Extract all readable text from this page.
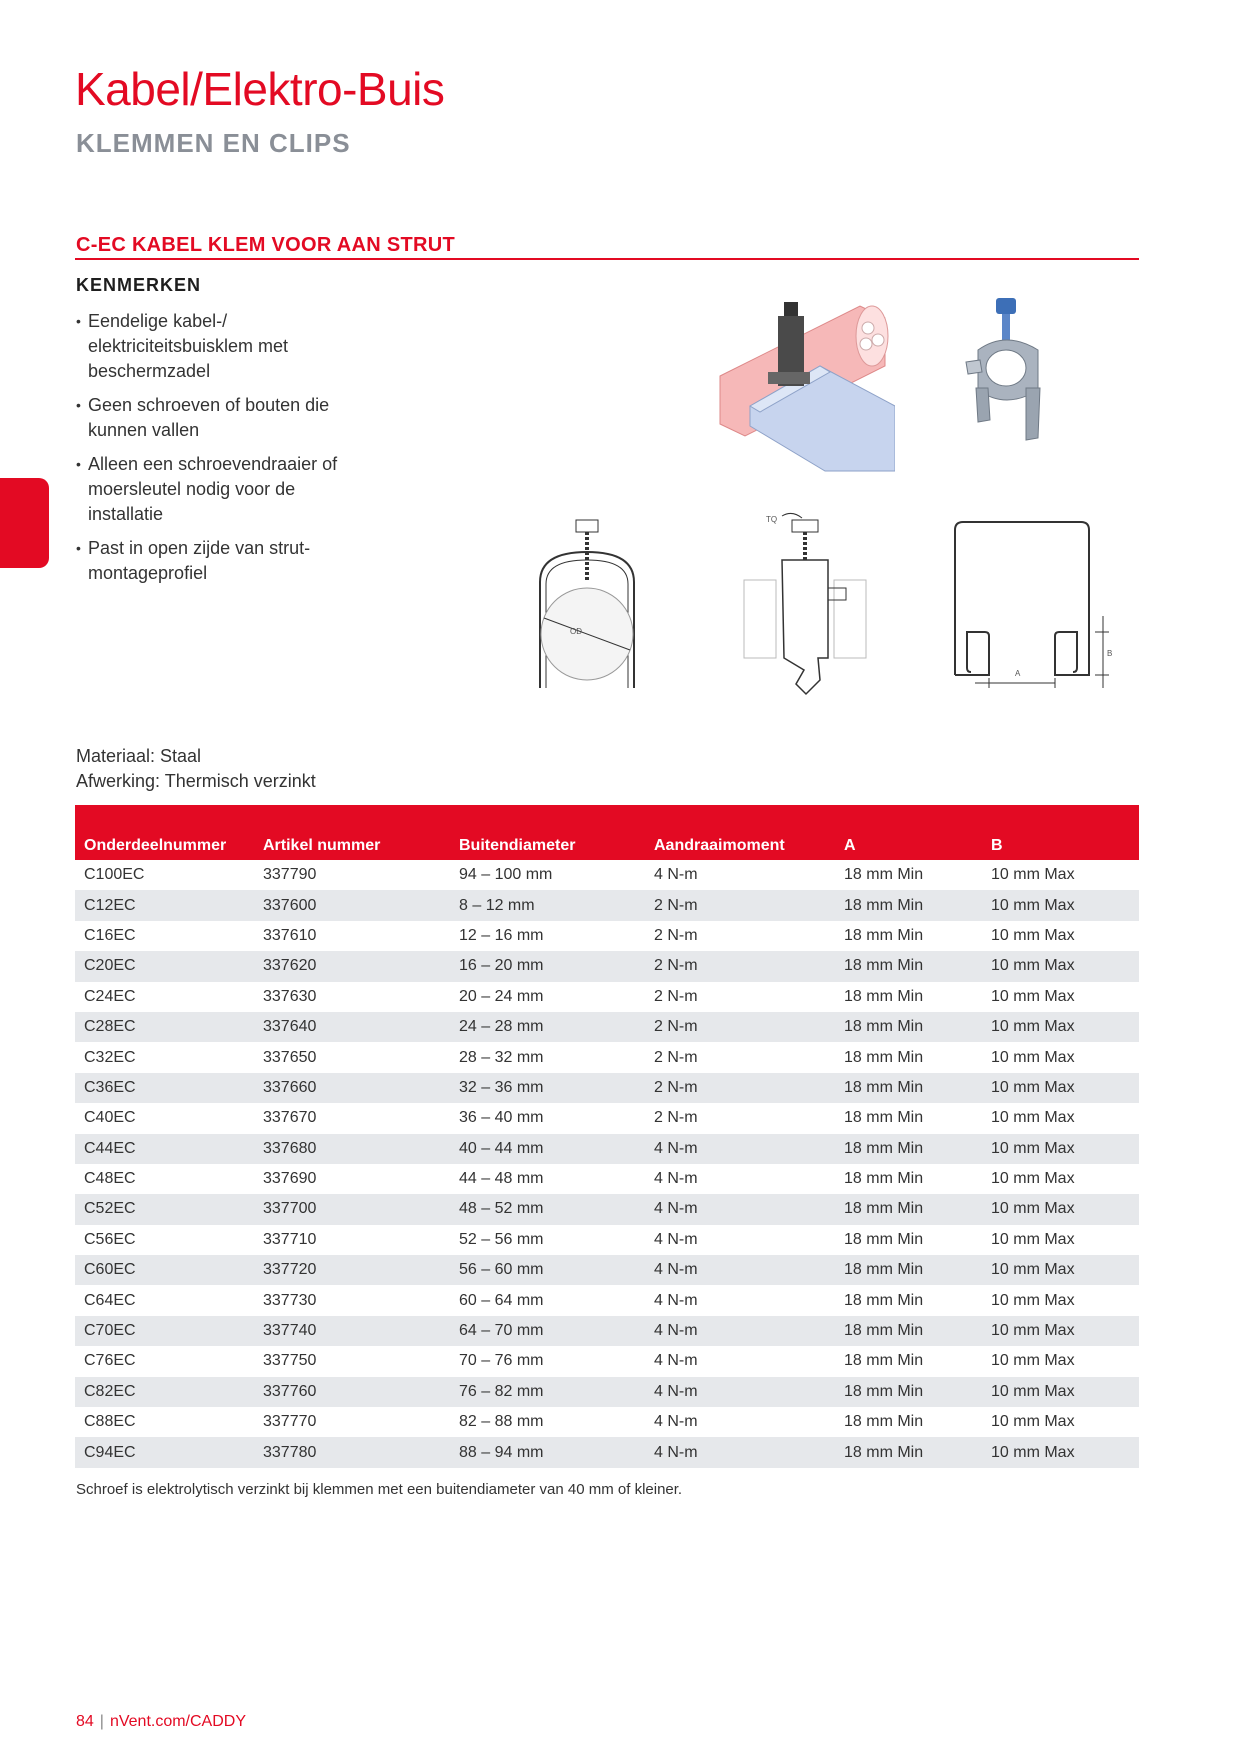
Kabel/Elektro-Buis
KLEMMEN EN CLIPS
C-EC KABEL KLEM VOOR AAN STRUT
KENMERKEN
• Eendelige kabel-/ elektriciteitsbuisklem met beschermzadel
• Geen schroeven of bouten die kunnen vallen
• Alleen een schroevendraaier of moersleutel nodig voor de installatie
• Past in open zijde van strut-montageprofiel
OD
TQ
A
B
Materiaal: Staal
Afwerking: Thermisch verzinkt
Onderdeelnummer	Artikel nummer	Buitendiameter	Aandraaimoment	A	B
C100EC	337790	94 – 100 mm	4 N-m	18 mm Min	10 mm Max
C12EC	337600	8 – 12 mm	2 N-m	18 mm Min	10 mm Max
C16EC	337610	12 – 16 mm	2 N-m	18 mm Min	10 mm Max
C20EC	337620	16 – 20 mm	2 N-m	18 mm Min	10 mm Max
C24EC	337630	20 – 24 mm	2 N-m	18 mm Min	10 mm Max
C28EC	337640	24 – 28 mm	2 N-m	18 mm Min	10 mm Max
C32EC	337650	28 – 32 mm	2 N-m	18 mm Min	10 mm Max
C36EC	337660	32 – 36 mm	2 N-m	18 mm Min	10 mm Max
C40EC	337670	36 – 40 mm	2 N-m	18 mm Min	10 mm Max
C44EC	337680	40 – 44 mm	4 N-m	18 mm Min	10 mm Max
C48EC	337690	44 – 48 mm	4 N-m	18 mm Min	10 mm Max
C52EC	337700	48 – 52 mm	4 N-m	18 mm Min	10 mm Max
C56EC	337710	52 – 56 mm	4 N-m	18 mm Min	10 mm Max
C60EC	337720	56 – 60 mm	4 N-m	18 mm Min	10 mm Max
C64EC	337730	60 – 64 mm	4 N-m	18 mm Min	10 mm Max
C70EC	337740	64 – 70 mm	4 N-m	18 mm Min	10 mm Max
C76EC	337750	70 – 76 mm	4 N-m	18 mm Min	10 mm Max
C82EC	337760	76 – 82 mm	4 N-m	18 mm Min	10 mm Max
C88EC	337770	82 – 88 mm	4 N-m	18 mm Min	10 mm Max
C94EC	337780	88 – 94 mm	4 N-m	18 mm Min	10 mm Max
Schroef is elektrolytisch verzinkt bij klemmen met een buitendiameter van 40 mm of kleiner.
84 | nVent.com/CADDY
